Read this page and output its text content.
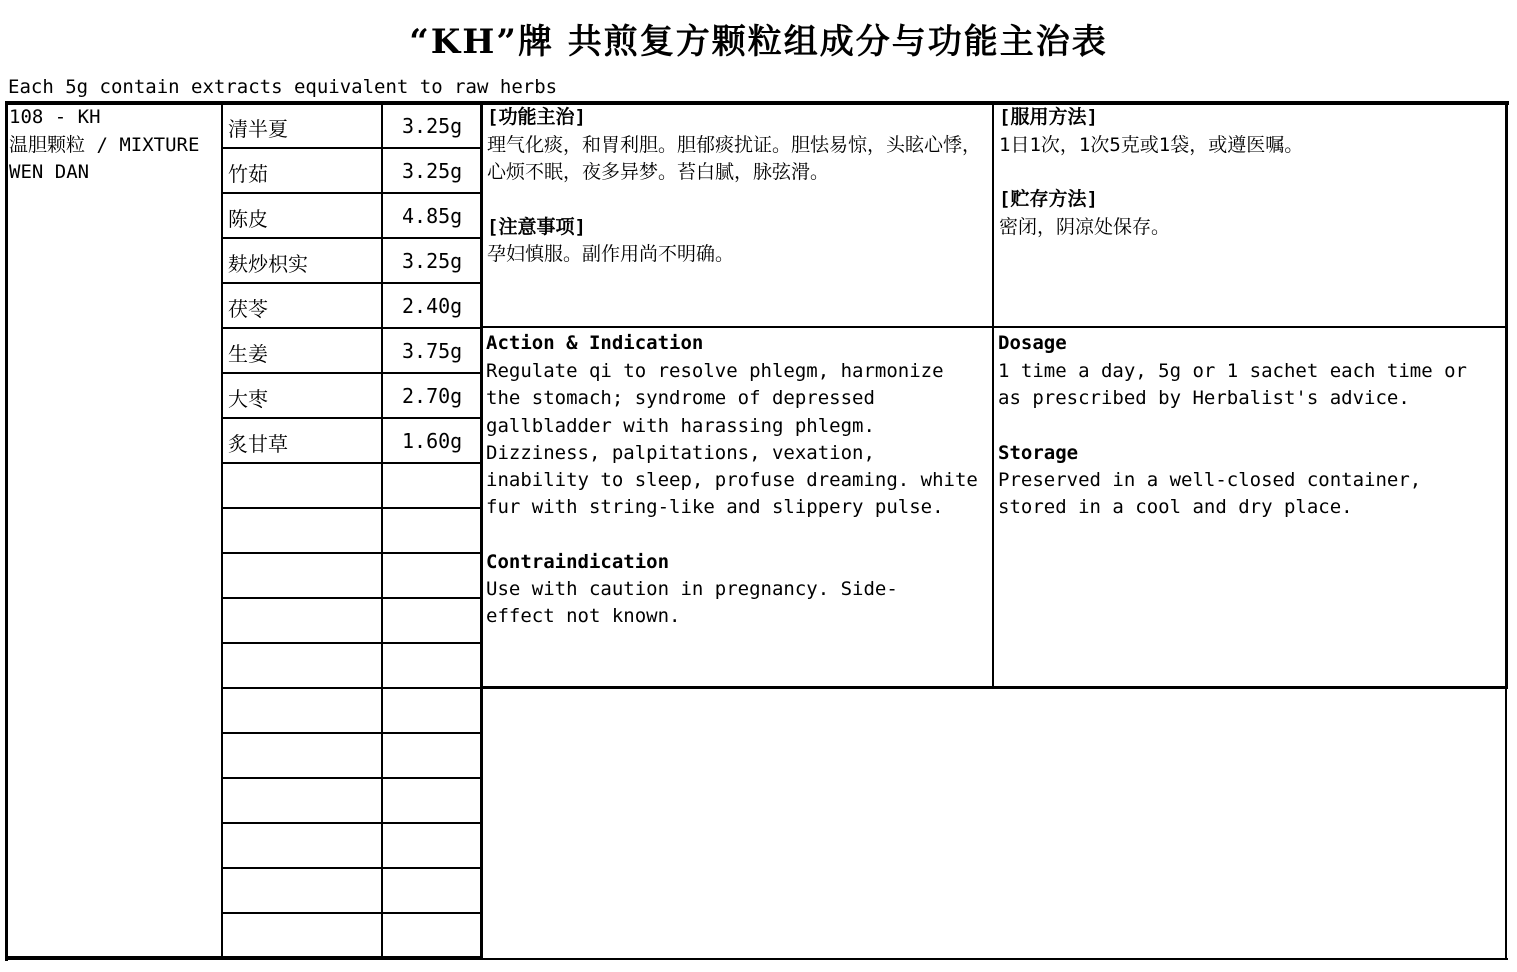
“KH”牌 共煎复方颗粒组成分与功能主治表
Each 5g contain extracts equivalent to raw herbs
108 - KH
温胆颗粒 / MIXTURE
WEN DAN
清半夏	3.25g
竹茹	3.25g
陈皮	4.85g
麸炒枳实	3.25g
茯苓	2.40g
生姜	3.75g
大枣	2.70g
炙甘草	1.60g
[功能主治]
理气化痰，和胃利胆。胆郁痰扰证。胆怯易惊，头眩心悸，心烦不眠，夜多异梦。苔白腻，脉弦滑。
[注意事项]
孕妇慎服。副作用尚不明确。
[服用方法]
1日1次，1次5克或1袋，或遵医嘱。
[贮存方法]
密闭，阴凉处保存。
Action & Indication
Regulate qi to resolve phlegm, harmonize the stomach; syndrome of depressed gallbladder with harassing phlegm. Dizziness, palpitations, vexation, inability to sleep, profuse dreaming. white fur with string-like and slippery pulse.
Contraindication
Use with caution in pregnancy. Side-effect not known.
Dosage
1 time a day, 5g or 1 sachet each time or as prescribed by Herbalist's advice.
Storage
Preserved in a well-closed container, stored in a cool and dry place.
